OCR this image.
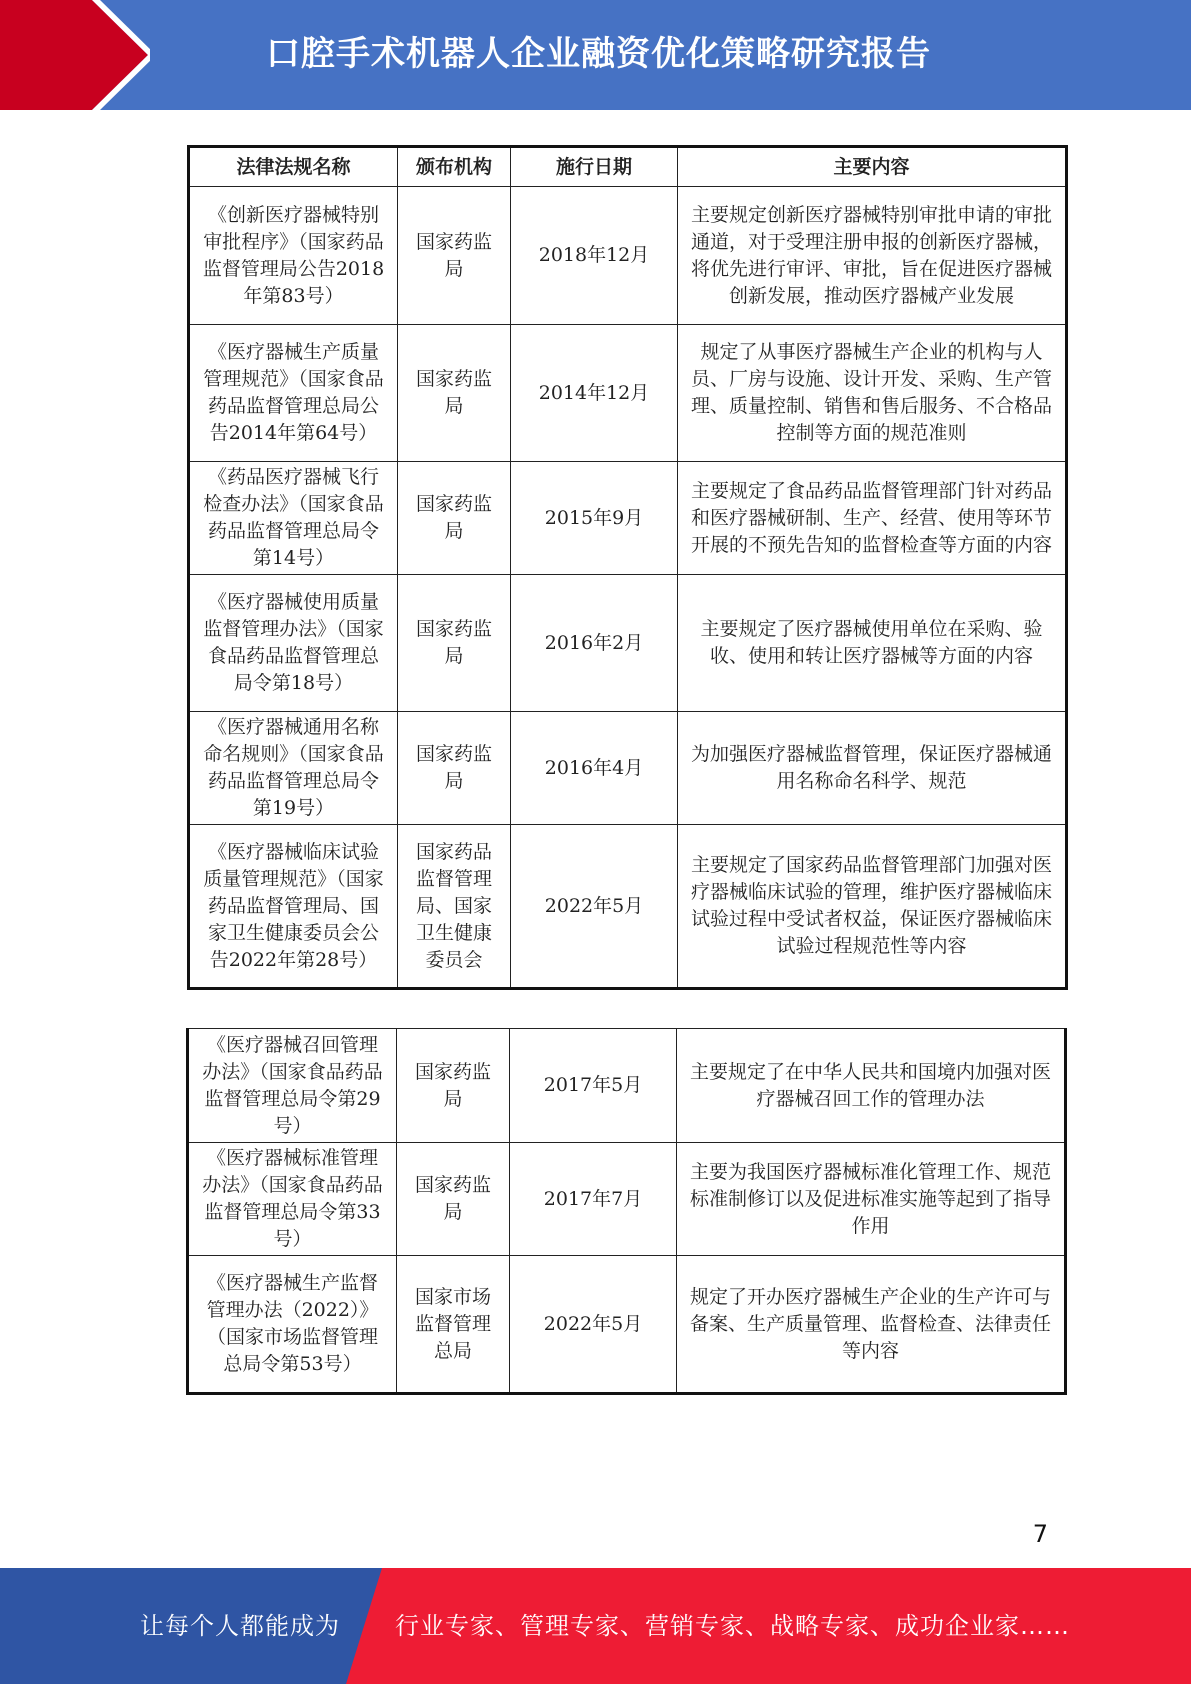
口腔手术机器人企业融资优化策略研究报告
法律法规名称	颁布机构	施行日期	主要内容
《创新医疗器械特别审批程序》（国家药品监督管理局公告2018年第83号）	国家药监局	2018年12月	主要规定创新医疗器械特别审批申请的审批通道，对于受理注册申报的创新医疗器械，将优先进行审评、审批，旨在促进医疗器械创新发展，推动医疗器械产业发展
《医疗器械生产质量管理规范》（国家食品药品监督管理总局公告2014年第64号）	国家药监局	2014年12月	规定了从事医疗器械生产企业的机构与人员、厂房与设施、设计开发、采购、生产管理、质量控制、销售和售后服务、不合格品控制等方面的规范准则
《药品医疗器械飞行检查办法》（国家食品药品监督管理总局令第14号）	国家药监局	2015年9月	主要规定了食品药品监督管理部门针对药品和医疗器械研制、生产、经营、使用等环节开展的不预先告知的监督检查等方面的内容
《医疗器械使用质量监督管理办法》（国家食品药品监督管理总局令第18号）	国家药监局	2016年2月	主要规定了医疗器械使用单位在采购、验收、使用和转让医疗器械等方面的内容
《医疗器械通用名称命名规则》（国家食品药品监督管理总局令第19号）	国家药监局	2016年4月	为加强医疗器械监督管理，保证医疗器械通用名称命名科学、规范
《医疗器械临床试验质量管理规范》（国家药品监督管理局、国家卫生健康委员会公告2022年第28号）	国家药品监督管理局、国家卫生健康委员会	2022年5月	主要规定了国家药品监督管理部门加强对医疗器械临床试验的管理，维护医疗器械临床试验过程中受试者权益，保证医疗器械临床试验过程规范性等内容
《医疗器械召回管理办法》（国家食品药品监督管理总局令第29号）	国家药监局	2017年5月	主要规定了在中华人民共和国境内加强对医疗器械召回工作的管理办法
《医疗器械标准管理办法》（国家食品药品监督管理总局令第33号）	国家药监局	2017年7月	主要为我国医疗器械标准化管理工作、规范标准制修订以及促进标准实施等起到了指导作用
《医疗器械生产监督管理办法（2022）》（国家市场监督管理总局令第53号）	国家市场监督管理总局	2022年5月	规定了开办医疗器械生产企业的生产许可与备案、生产质量管理、监督检查、法律责任等内容
7
让每个人都能成为 行业专家、管理专家、营销专家、战略专家、成功企业家……
